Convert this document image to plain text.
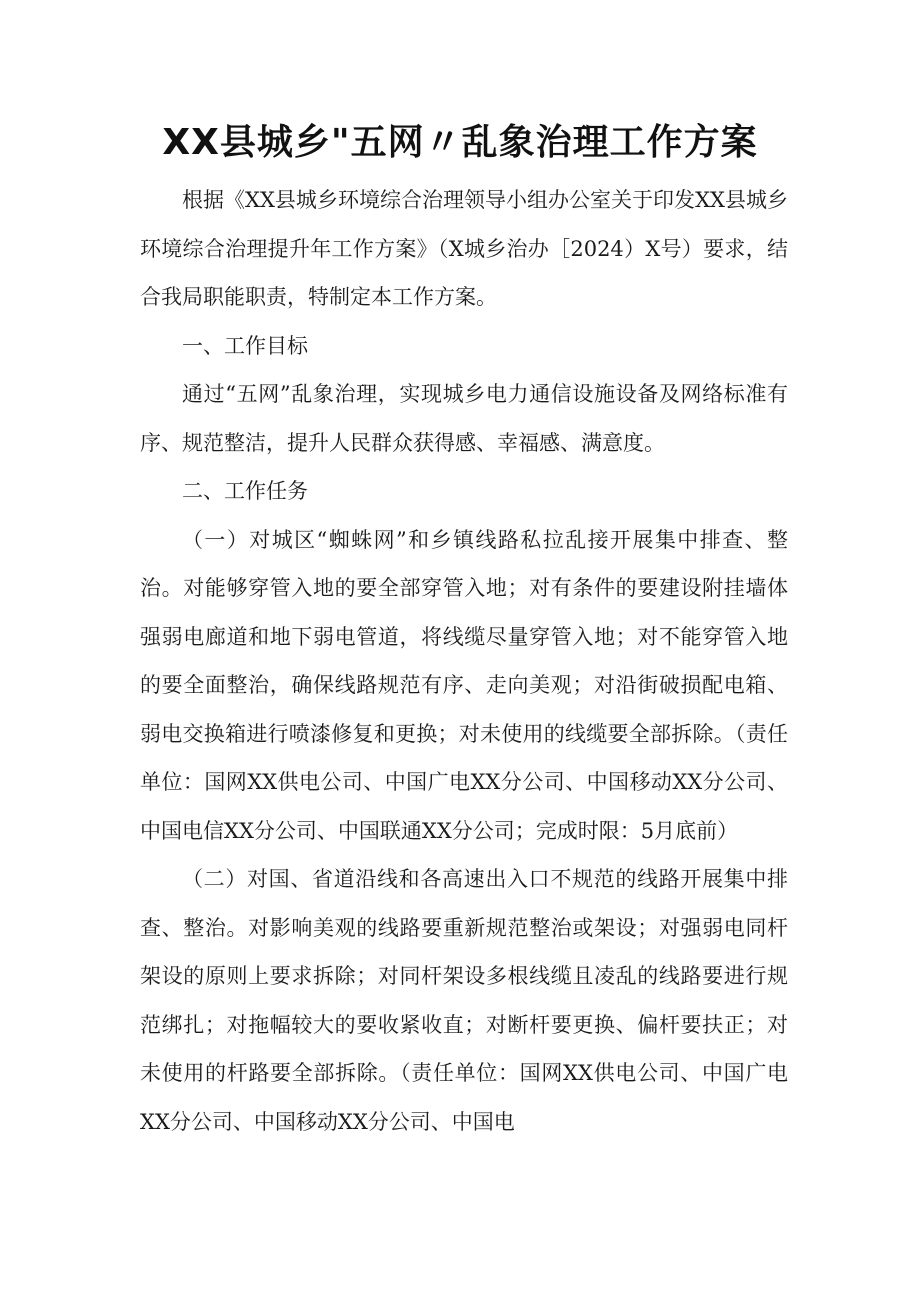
XX县城乡"五网〃乱象治理工作方案

根据《XX县城乡环境综合治理领导小组办公室关于印发XX县城乡环境综合治理提升年工作方案》（X城乡治办［2024）X号）要求，结合我局职能职责，特制定本工作方案。

一、工作目标

通过“五网”乱象治理，实现城乡电力通信设施设备及网络标准有序、规范整洁，提升人民群众获得感、幸福感、满意度。

二、工作任务

（一）对城区“蜘蛛网”和乡镇线路私拉乱接开展集中排查、整治。对能够穿管入地的要全部穿管入地；对有条件的要建设附挂墙体强弱电廊道和地下弱电管道，将线缆尽量穿管入地；对不能穿管入地的要全面整治，确保线路规范有序、走向美观；对沿街破损配电箱、弱电交换箱进行喷漆修复和更换；对未使用的线缆要全部拆除。（责任单位：国网XX供电公司、中国广电XX分公司、中国移动XX分公司、中国电信XX分公司、中国联通XX分公司；完成时限：5月底前）

（二）对国、省道沿线和各高速出入口不规范的线路开展集中排查、整治。对影响美观的线路要重新规范整治或架设；对强弱电同杆架设的原则上要求拆除；对同杆架设多根线缆且凌乱的线路要进行规范绑扎；对拖幅较大的要收紧收直；对断杆要更换、偏杆要扶正；对未使用的杆路要全部拆除。（责任单位：国网XX供电公司、中国广电XX分公司、中国移动XX分公司、中国电
